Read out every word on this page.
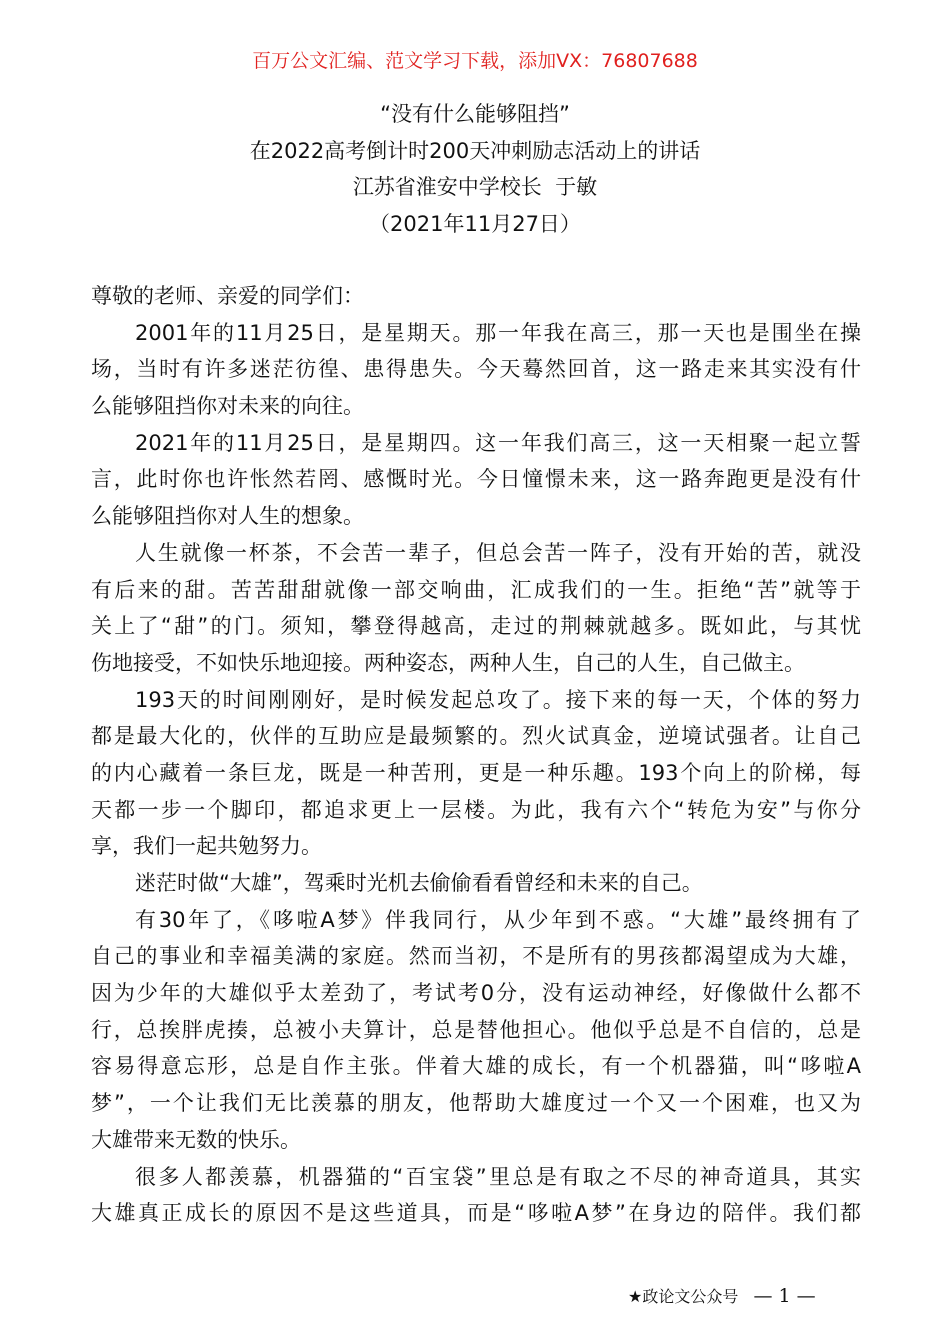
百万公文汇编、范文学习下载，添加VX：76807688
“没有什么能够阻挡”
在2022高考倒计时200天冲刺励志活动上的讲话
江苏省淮安中学校长  于敏
（2021年11月27日）
尊敬的老师、亲爱的同学们：
2001年的11月25日，是星期天。那一年我在高三，那一天也是围坐在操
场，当时有许多迷茫彷徨、患得患失。今天蓦然回首，这一路走来其实没有什
么能够阻挡你对未来的向往。
2021年的11月25日，是星期四。这一年我们高三，这一天相聚一起立誓
言，此时你也许怅然若罔、感慨时光。今日憧憬未来，这一路奔跑更是没有什
么能够阻挡你对人生的想象。
人生就像一杯茶，不会苦一辈子，但总会苦一阵子，没有开始的苦，就没
有后来的甜。苦苦甜甜就像一部交响曲，汇成我们的一生。拒绝“苦”就等于
关上了“甜”的门。须知，攀登得越高，走过的荆棘就越多。既如此，与其忧
伤地接受，不如快乐地迎接。两种姿态，两种人生，自己的人生，自己做主。
193天的时间刚刚好，是时候发起总攻了。接下来的每一天，个体的努力
都是最大化的，伙伴的互助应是最频繁的。烈火试真金，逆境试强者。让自己
的内心藏着一条巨龙，既是一种苦刑，更是一种乐趣。193个向上的阶梯，每
天都一步一个脚印，都追求更上一层楼。为此，我有六个“转危为安”与你分
享，我们一起共勉努力。
迷茫时做“大雄”，驾乘时光机去偷偷看看曾经和未来的自己。
有30年了，《哆啦A梦》伴我同行，从少年到不惑。“大雄”最终拥有了
自己的事业和幸福美满的家庭。然而当初，不是所有的男孩都渴望成为大雄，
因为少年的大雄似乎太差劲了，考试考0分，没有运动神经，好像做什么都不
行，总挨胖虎揍，总被小夫算计，总是替他担心。他似乎总是不自信的，总是
容易得意忘形，总是自作主张。伴着大雄的成长，有一个机器猫，叫“哆啦A
梦”，一个让我们无比羡慕的朋友，他帮助大雄度过一个又一个困难，也又为
大雄带来无数的快乐。
很多人都羡慕，机器猫的“百宝袋”里总是有取之不尽的神奇道具，其实
大雄真正成长的原因不是这些道具，而是“哆啦A梦”在身边的陪伴。我们都
★政论文公众号 — 1 —
